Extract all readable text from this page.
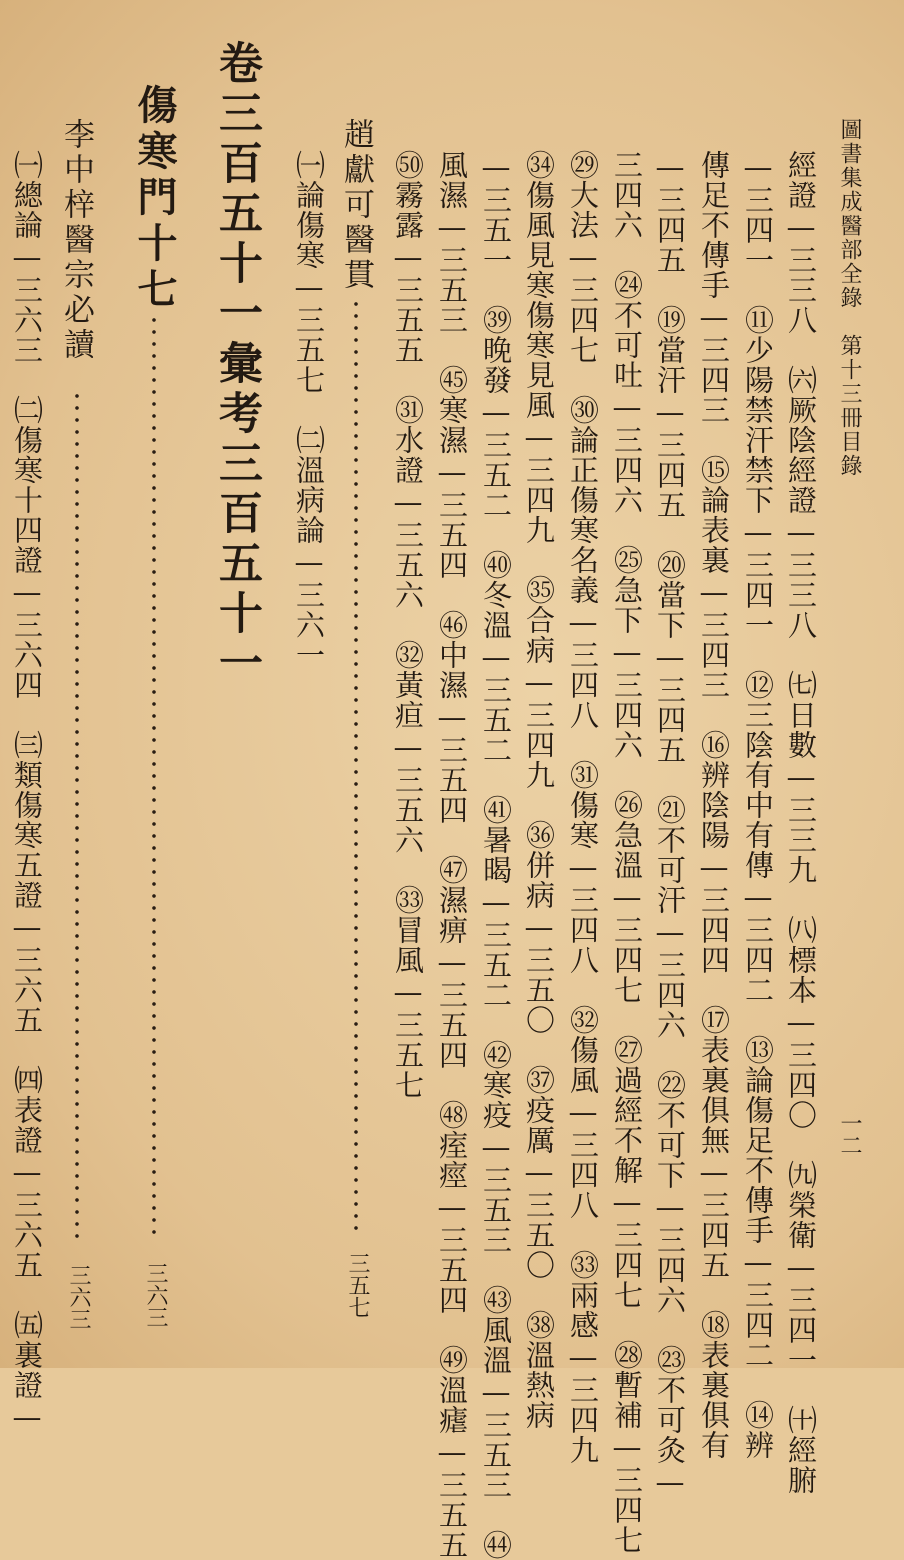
圖書集成醫部全錄　第十三冊目錄
一二
經證—三三八　㈥厥陰經證—三三八　㈦日數—三三九　㈧標本—三四〇　㈨榮衛—三四一　㈩經腑
—三四一　⑪少陽禁汗禁下—三四一　⑫三陰有中有傳—三四二　⑬論傷足不傳手—三四二　⑭辨
傳足不傳手—三四三　⑮論表裏—三四三　⑯辨陰陽—三四四　⑰表裏俱無—三四五　⑱表裏俱有
—三四五　⑲當汗—三四五　⑳當下—三四五　㉑不可汗—三四六　㉒不可下—三四六　㉓不可灸—
三四六　㉔不可吐—三四六　㉕急下—三四六　㉖急溫—三四七　㉗過經不解—三四七　㉘暫補—三四七
㉙大法—三四七　㉚論正傷寒名義—三四八　㉛傷寒—三四八　㉜傷風—三四八　㉝兩感—三四九
㉞傷風見寒傷寒見風—三四九　㉟合病—三四九　㊱併病—三五〇　㊲疫厲—三五〇　㊳溫熱病
—三五一　㊴晚發—三五二　㊵冬溫—三五二　㊶暑暍—三五二　㊷寒疫—三五三　㊸風溫—三五三　㊹
風濕—三五三　㊺寒濕—三五四　㊻中濕—三五四　㊼濕痹—三五四　㊽痓痙—三五四　㊾溫瘧—三五五
㊿霧露—三五五　㉛水證—三五六　㉜黃疸—三五六　㉝冒風—三五七
趙獻可醫貫
三五七
㈠論傷寒—三五七　㈡溫病論—三六一
卷三百五十一彙考三百五十一
傷寒門十七
三六三
李中梓醫宗必讀
三六三
㈠總論—三六三　㈡傷寒十四證—三六四　㈢類傷寒五證—三六五　㈣表證—三六五　㈤裏證—
